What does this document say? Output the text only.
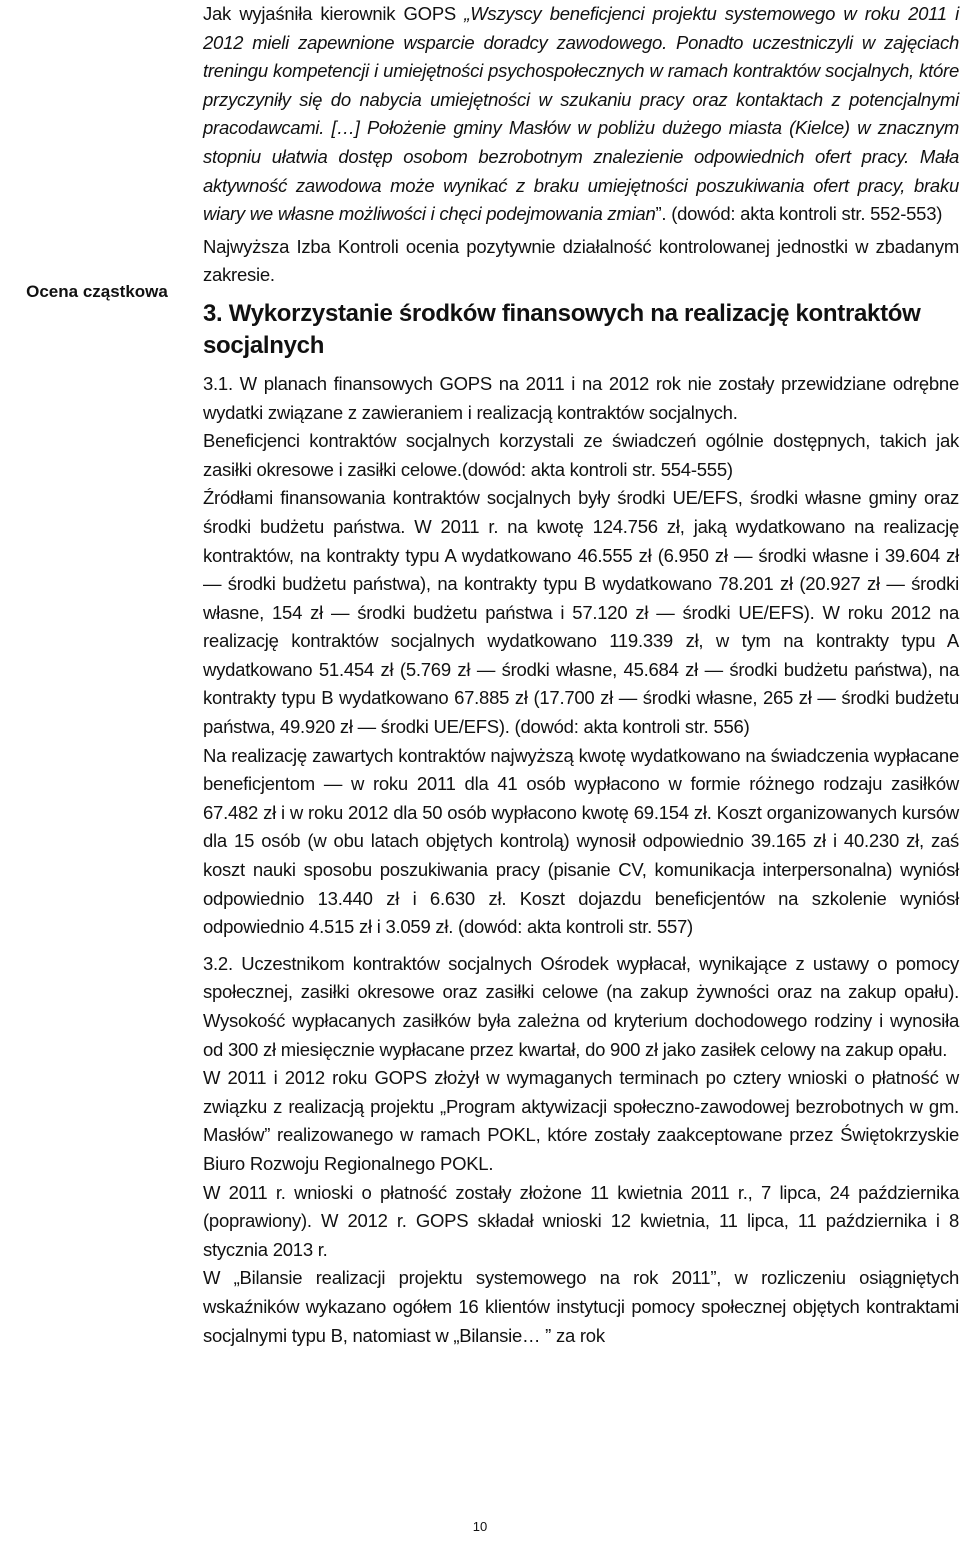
Ocena cząstkowa

Jak wyjaśniła kierownik GOPS „Wszyscy beneficjenci projektu systemowego w roku 2011 i 2012 mieli zapewnione wsparcie doradcy zawodowego. Ponadto uczestniczyli w zajęciach treningu kompetencji i umiejętności psychospołecznych w ramach kontraktów socjalnych, które przyczyniły się do nabycia umiejętności w szukaniu pracy oraz kontaktach z potencjalnymi pracodawcami. […] Położenie gminy Masłów w pobliżu dużego miasta (Kielce) w znacznym stopniu ułatwia dostęp osobom bezrobotnym znalezienie odpowiednich ofert pracy. Mała aktywność zawodowa może wynikać z braku umiejętności poszukiwania ofert pracy, braku wiary we własne możliwości i chęci podejmowania zmian”. (dowód: akta kontroli str. 552-553)

Najwyższa Izba Kontroli ocenia pozytywnie działalność kontrolowanej jednostki w zbadanym zakresie.

3. Wykorzystanie środków finansowych na realizację kontraktów socjalnych

3.1. W planach finansowych GOPS na 2011 i na 2012 rok nie zostały przewidziane odrębne wydatki związane z zawieraniem i realizacją kontraktów socjalnych.

Beneficjenci kontraktów socjalnych korzystali ze świadczeń ogólnie dostępnych, takich jak zasiłki okresowe i zasiłki celowe.(dowód: akta kontroli str. 554-555)

Źródłami finansowania kontraktów socjalnych były środki UE/EFS, środki własne gminy oraz środki budżetu państwa. W 2011 r. na kwotę 124.756 zł, jaką wydatkowano na realizację kontraktów, na kontrakty typu A wydatkowano 46.555 zł (6.950 zł — środki własne i 39.604 zł — środki budżetu państwa), na kontrakty typu B wydatkowano 78.201 zł (20.927 zł — środki własne, 154 zł — środki budżetu państwa i 57.120 zł — środki UE/EFS). W roku 2012 na realizację kontraktów socjalnych wydatkowano 119.339 zł, w tym na kontrakty typu A wydatkowano 51.454 zł (5.769 zł — środki własne, 45.684 zł — środki budżetu państwa), na kontrakty typu B wydatkowano 67.885 zł (17.700 zł — środki własne, 265 zł — środki budżetu państwa, 49.920 zł — środki UE/EFS). (dowód: akta kontroli str. 556)

Na realizację zawartych kontraktów najwyższą kwotę wydatkowano na świadczenia wypłacane beneficjentom — w roku 2011 dla 41 osób wypłacono w formie różnego rodzaju zasiłków 67.482 zł i w roku 2012 dla 50 osób wypłacono kwotę 69.154 zł. Koszt organizowanych kursów dla 15 osób (w obu latach objętych kontrolą) wynosił odpowiednio 39.165 zł i 40.230 zł, zaś koszt nauki sposobu poszukiwania pracy (pisanie CV, komunikacja interpersonalna) wyniósł odpowiednio 13.440 zł i 6.630 zł. Koszt dojazdu beneficjentów na szkolenie wyniósł odpowiednio 4.515 zł i 3.059 zł. (dowód: akta kontroli str. 557)

3.2. Uczestnikom kontraktów socjalnych Ośrodek wypłacał, wynikające z ustawy o pomocy społecznej, zasiłki okresowe oraz zasiłki celowe (na zakup żywności oraz na zakup opału). Wysokość wypłacanych zasiłków była zależna od kryterium dochodowego rodziny i wynosiła od 300 zł miesięcznie wypłacane przez kwartał, do 900 zł jako zasiłek celowy na zakup opału.

W 2011 i 2012 roku GOPS złożył w wymaganych terminach po cztery wnioski o płatność w związku z realizacją projektu „Program aktywizacji społeczno-zawodowej bezrobotnych w gm. Masłów” realizowanego w ramach POKL, które zostały zaakceptowane przez Świętokrzyskie Biuro Rozwoju Regionalnego POKL.

W 2011 r. wnioski o płatność zostały złożone 11 kwietnia 2011 r., 7 lipca, 24 października (poprawiony). W 2012 r. GOPS składał wnioski 12 kwietnia, 11 lipca, 11 października i 8 stycznia 2013 r.

W „Bilansie realizacji projektu systemowego na rok 2011”, w rozliczeniu osiągniętych wskaźników wykazano ogółem 16 klientów instytucji pomocy społecznej objętych kontraktami socjalnymi typu B, natomiast w „Bilansie… ” za rok

10
